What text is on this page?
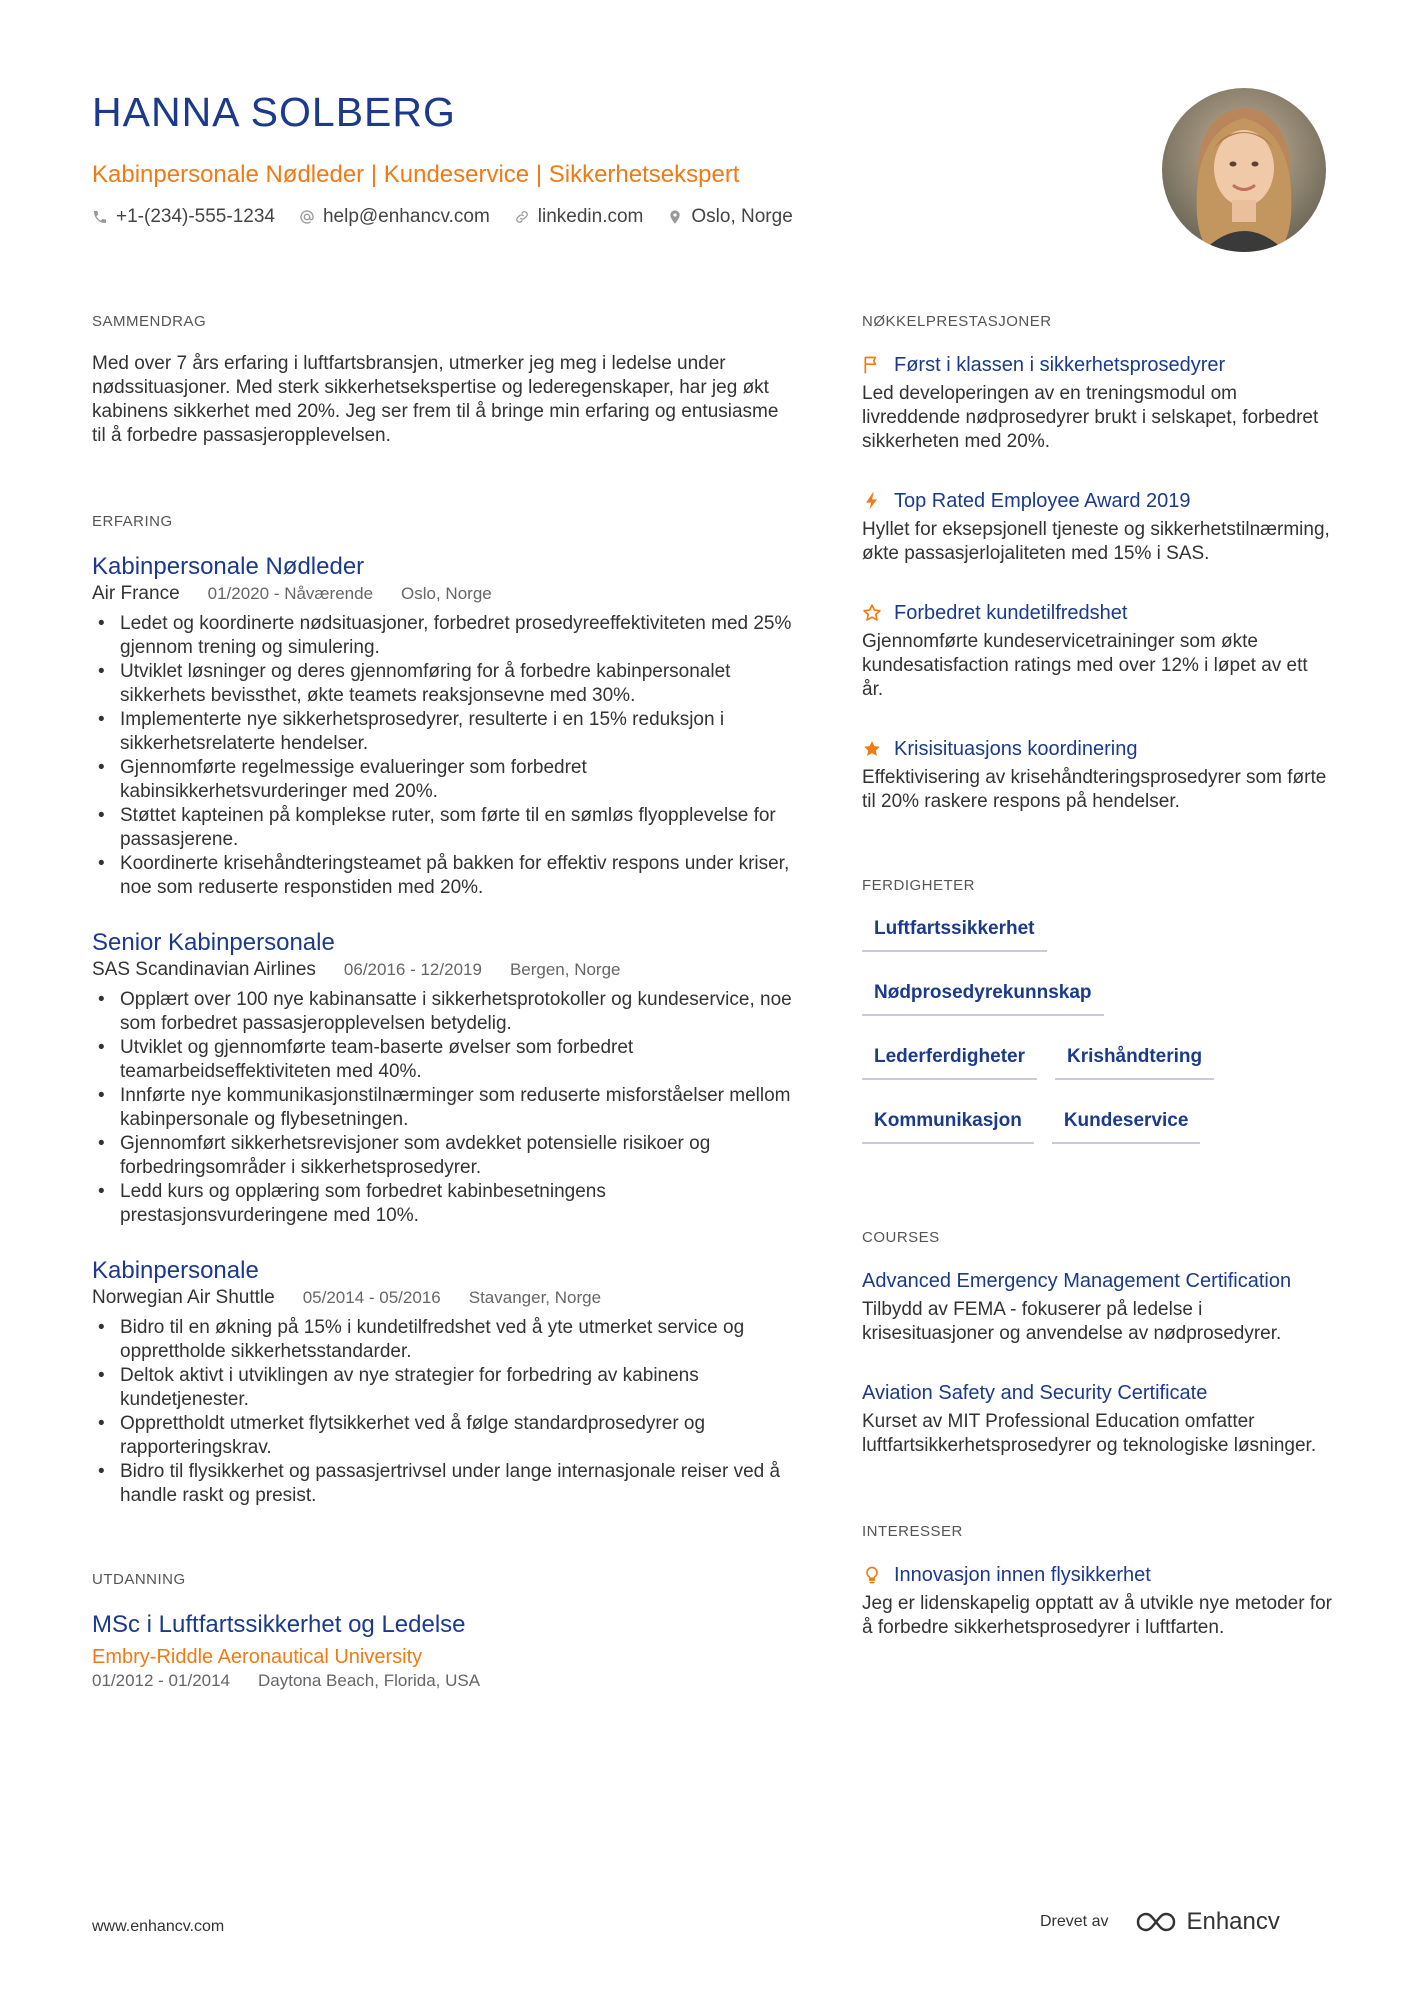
HANNA SOLBERG
Kabinpersonale Nødleder | Kundeservice | Sikkerhetsekspert
+1-(234)-555-1234	help@enhancv.com	linkedin.com	Oslo, Norge
SAMMENDRAG
Med over 7 års erfaring i luftfartsbransjen, utmerker jeg meg i ledelse under nødssituasjoner. Med sterk sikkerhetsekspertise og lederegenskaper, har jeg økt kabinens sikkerhet med 20%. Jeg ser frem til å bringe min erfaring og entusiasme til å forbedre passasjeropplevelsen.
ERFARING
Kabinpersonale Nødleder
Air France 01/2020 - Nåværende Oslo, Norge
• Ledet og koordinerte nødsituasjoner, forbedret prosedyreeffektiviteten med 25% gjennom trening og simulering.
• Utviklet løsninger og deres gjennomføring for å forbedre kabinpersonalet sikkerhets bevissthet, økte teamets reaksjonsevne med 30%.
• Implementerte nye sikkerhetsprosedyrer, resulterte i en 15% reduksjon i sikkerhetsrelaterte hendelser.
• Gjennomførte regelmessige evalueringer som forbedret kabinsikkerhetsvurderinger med 20%.
• Støttet kapteinen på komplekse ruter, som førte til en sømløs flyopplevelse for passasjerene.
• Koordinerte krisehåndteringsteamet på bakken for effektiv respons under kriser, noe som reduserte responstiden med 20%.
Senior Kabinpersonale
SAS Scandinavian Airlines 06/2016 - 12/2019 Bergen, Norge
• Opplært over 100 nye kabinansatte i sikkerhetsprotokoller og kundeservice, noe som forbedret passasjeropplevelsen betydelig.
• Utviklet og gjennomførte team-baserte øvelser som forbedret teamarbeidseffektiviteten med 40%.
• Innførte nye kommunikasjonstilnærminger som reduserte misforståelser mellom kabinpersonale og flybesetningen.
• Gjennomført sikkerhetsrevisjoner som avdekket potensielle risikoer og forbedringsområder i sikkerhetsprosedyrer.
• Ledd kurs og opplæring som forbedret kabinbesetningens prestasjonsvurderingene med 10%.
Kabinpersonale
Norwegian Air Shuttle 05/2014 - 05/2016 Stavanger, Norge
• Bidro til en økning på 15% i kundetilfredshet ved å yte utmerket service og opprettholde sikkerhetsstandarder.
• Deltok aktivt i utviklingen av nye strategier for forbedring av kabinens kundetjenester.
• Opprettholdt utmerket flytsikkerhet ved å følge standardprosedyrer og rapporteringskrav.
• Bidro til flysikkerhet og passasjertrivsel under lange internasjonale reiser ved å handle raskt og presist.
UTDANNING
MSc i Luftfartssikkerhet og Ledelse
Embry-Riddle Aeronautical University
01/2012 - 01/2014 Daytona Beach, Florida, USA
NØKKELPRESTASJONER
Først i klassen i sikkerhetsprosedyrer
Led developeringen av en treningsmodul om livreddende nødprosedyrer brukt i selskapet, forbedret sikkerheten med 20%.
Top Rated Employee Award 2019
Hyllet for eksepsjonell tjeneste og sikkerhetstilnærming, økte passasjerlojaliteten med 15% i SAS.
Forbedret kundetilfredshet
Gjennomførte kundeservicetraininger som økte kundesatisfaction ratings med over 12% i løpet av ett år.
Krisisituasjons koordinering
Effektivisering av krisehåndteringsprosedyrer som førte til 20% raskere respons på hendelser.
FERDIGHETER
Luftfartssikkerhet
Nødprosedyrekunnskap
Lederferdigheter	Krishåndtering
Kommunikasjon	Kundeservice
COURSES
Advanced Emergency Management Certification
Tilbydd av FEMA - fokuserer på ledelse i krisesituasjoner og anvendelse av nødprosedyrer.
Aviation Safety and Security Certificate
Kurset av MIT Professional Education omfatter luftfartsikkerhetsprosedyrer og teknologiske løsninger.
INTERESSER
Innovasjon innen flysikkerhet
Jeg er lidenskapelig opptatt av å utvikle nye metoder for å forbedre sikkerhetsprosedyrer i luftfarten.
www.enhancv.com	Drevet av	Enhancv
